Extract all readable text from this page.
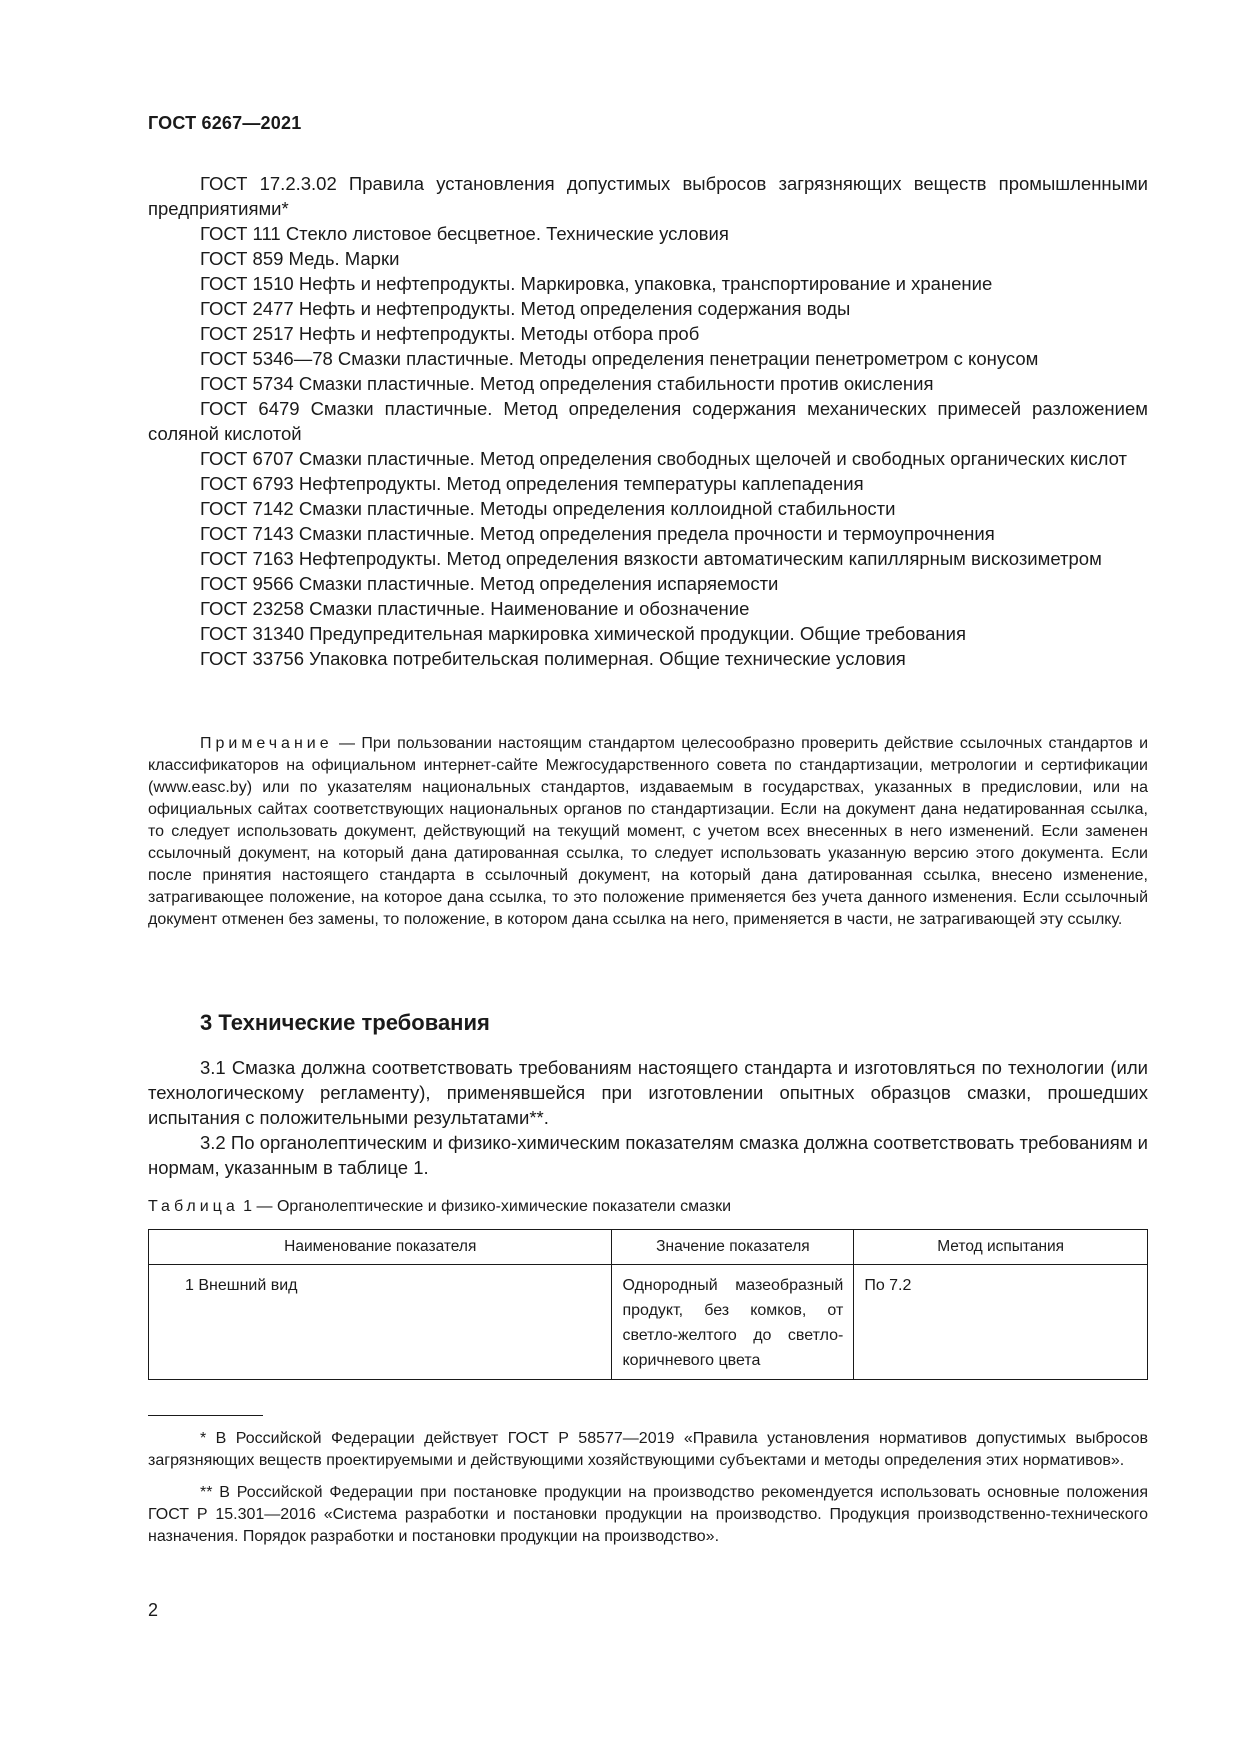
ГОСТ 6267—2021

ГОСТ 17.2.3.02 Правила установления допустимых выбросов загрязняющих веществ промышленными предприятиями*

ГОСТ 111 Стекло листовое бесцветное. Технические условия

ГОСТ 859 Медь. Марки

ГОСТ 1510 Нефть и нефтепродукты. Маркировка, упаковка, транспортирование и хранение

ГОСТ 2477 Нефть и нефтепродукты. Метод определения содержания воды

ГОСТ 2517 Нефть и нефтепродукты. Методы отбора проб

ГОСТ 5346—78 Смазки пластичные. Методы определения пенетрации пенетрометром с конусом

ГОСТ 5734 Смазки пластичные. Метод определения стабильности против окисления

ГОСТ 6479 Смазки пластичные. Метод определения содержания механических примесей разложением соляной кислотой

ГОСТ 6707 Смазки пластичные. Метод определения свободных щелочей и свободных органических кислот

ГОСТ 6793 Нефтепродукты. Метод определения температуры каплепадения

ГОСТ 7142 Смазки пластичные. Методы определения коллоидной стабильности

ГОСТ 7143 Смазки пластичные. Метод определения предела прочности и термоупрочнения

ГОСТ 7163 Нефтепродукты. Метод определения вязкости автоматическим капиллярным вискозиметром

ГОСТ 9566 Смазки пластичные. Метод определения испаряемости

ГОСТ 23258 Смазки пластичные. Наименование и обозначение

ГОСТ 31340 Предупредительная маркировка химической продукции. Общие требования

ГОСТ 33756 Упаковка потребительская полимерная. Общие технические условия

Примечание — При пользовании настоящим стандартом целесообразно проверить действие ссылочных стандартов и классификаторов на официальном интернет-сайте Межгосударственного совета по стандартизации, метрологии и сертификации (www.easc.by) или по указателям национальных стандартов, издаваемым в государствах, указанных в предисловии, или на официальных сайтах соответствующих национальных органов по стандартизации. Если на документ дана недатированная ссылка, то следует использовать документ, действующий на текущий момент, с учетом всех внесенных в него изменений. Если заменен ссылочный документ, на который дана датированная ссылка, то следует использовать указанную версию этого документа. Если после принятия настоящего стандарта в ссылочный документ, на который дана датированная ссылка, внесено изменение, затрагивающее положение, на которое дана ссылка, то это положение применяется без учета данного изменения. Если ссылочный документ отменен без замены, то положение, в котором дана ссылка на него, применяется в части, не затрагивающей эту ссылку.

3 Технические требования

3.1 Смазка должна соответствовать требованиям настоящего стандарта и изготовляться по технологии (или технологическому регламенту), применявшейся при изготовлении опытных образцов смазки, прошедших испытания с положительными результатами**.

3.2 По органолептическим и физико-химическим показателям смазка должна соответствовать требованиям и нормам, указанным в таблице 1.

Таблица 1 — Органолептические и физико-химические показатели смазки
Наименование показателя	Значение показателя	Метод испытания
1 Внешний вид	Однородный мазеобразный продукт, без комков, от светло-желтого до светло-коричневого цвета	По 7.2

* В Российской Федерации действует ГОСТ Р 58577—2019 «Правила установления нормативов допустимых выбросов загрязняющих веществ проектируемыми и действующими хозяйствующими субъектами и методы определения этих нормативов».

** В Российской Федерации при постановке продукции на производство рекомендуется использовать основные положения ГОСТ Р 15.301—2016 «Система разработки и постановки продукции на производство. Продукция производственно-технического назначения. Порядок разработки и постановки продукции на производство».

2
